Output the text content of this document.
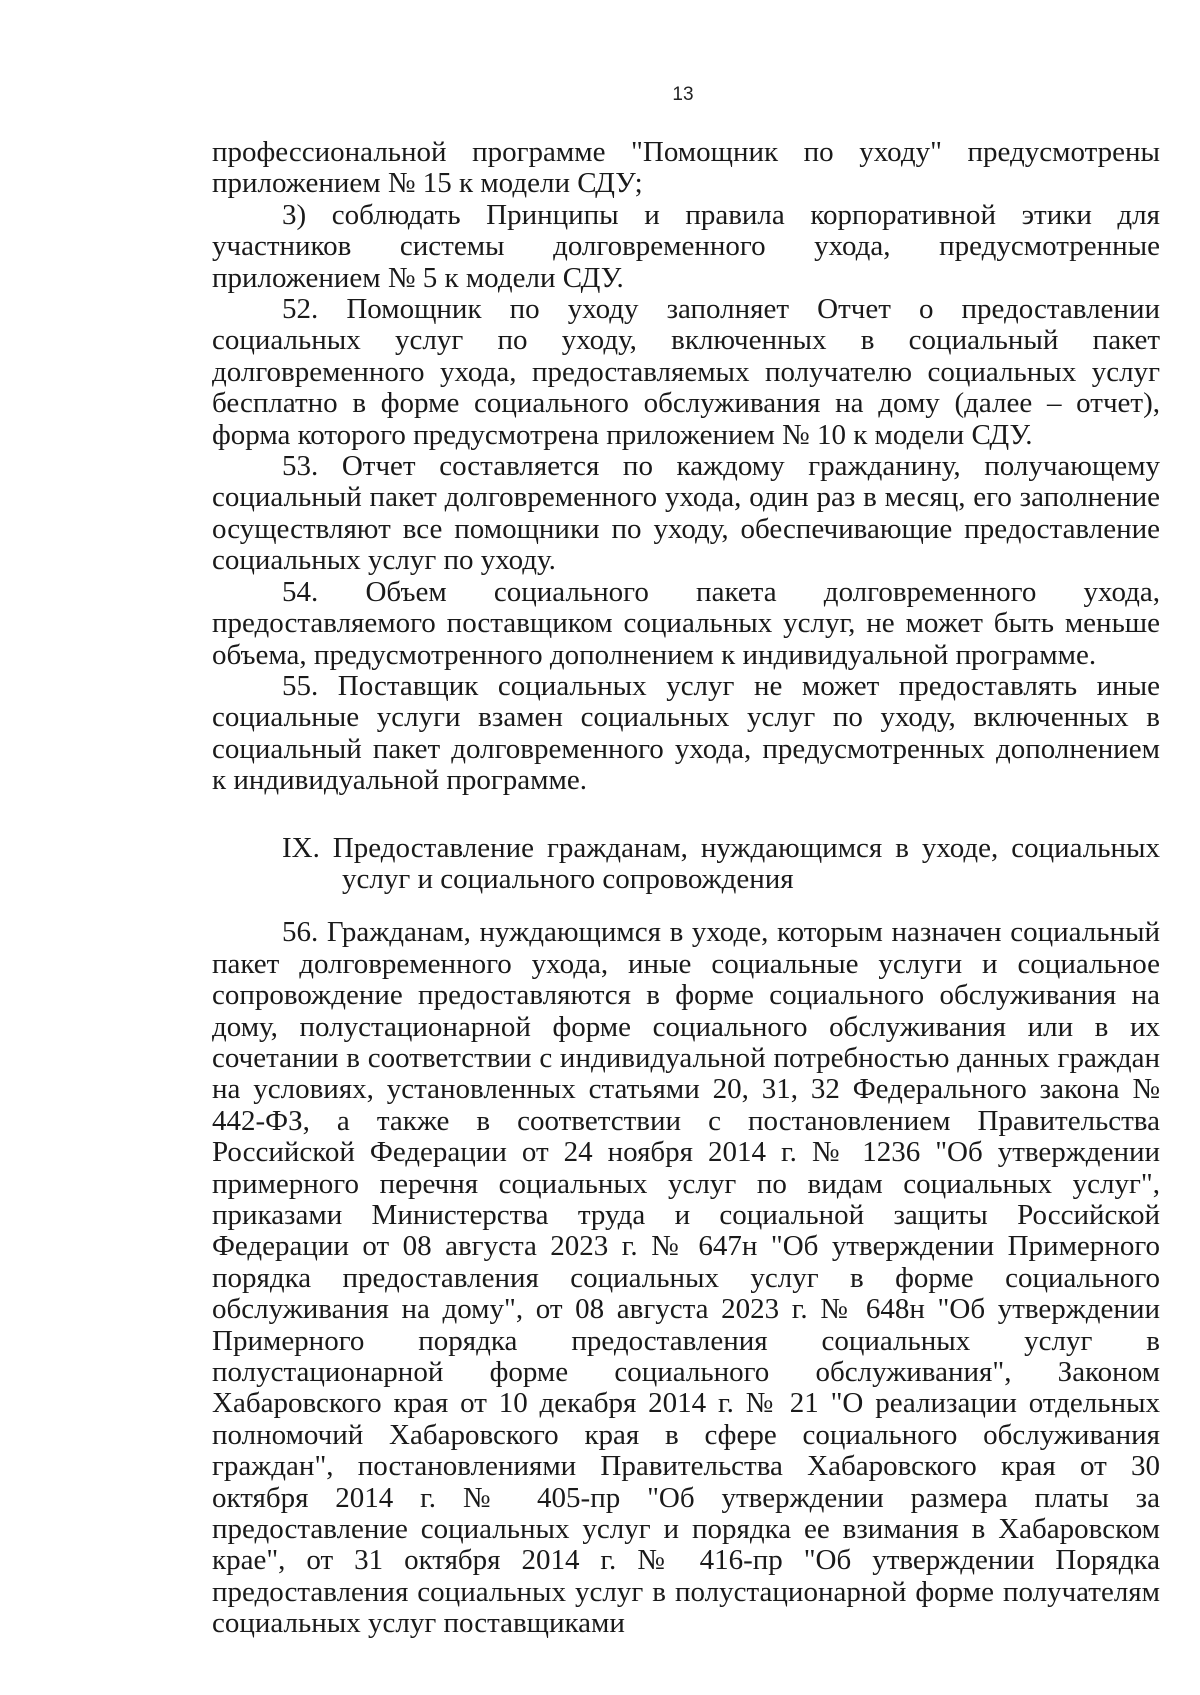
13

профессиональной программе "Помощник по уходу" предусмотрены приложением № 15 к модели СДУ;

3) соблюдать Принципы и правила корпоративной этики для участников системы долговременного ухода, предусмотренные приложением № 5 к модели СДУ.

52. Помощник по уходу заполняет Отчет о предоставлении социальных услуг по уходу, включенных в социальный пакет долговременного ухода, предоставляемых получателю социальных услуг бесплатно в форме социального обслуживания на дому (далее – отчет), форма которого предусмотрена приложением № 10 к модели СДУ.

53. Отчет составляется по каждому гражданину, получающему социальный пакет долговременного ухода, один раз в месяц, его заполнение осуществляют все помощники по уходу, обеспечивающие предоставление социальных услуг по уходу.

54. Объем социального пакета долговременного ухода, предоставляемого поставщиком социальных услуг, не может быть меньше объема, предусмотренного дополнением к индивидуальной программе.

55. Поставщик социальных услуг не может предоставлять иные социальные услуги взамен социальных услуг по уходу, включенных в социальный пакет долговременного ухода, предусмотренных дополнением к индивидуальной программе.

IX. Предоставление гражданам, нуждающимся в уходе, социальных
услуг и социального сопровождения

56. Гражданам, нуждающимся в уходе, которым назначен социальный пакет долговременного ухода, иные социальные услуги и социальное сопровождение предоставляются в форме социального обслуживания на дому, полустационарной форме социального обслуживания или в их сочетании в соответствии с индивидуальной потребностью данных граждан на условиях, установленных статьями 20, 31, 32 Федерального закона № 442-ФЗ, а также в соответствии с постановлением Правительства Российской Федерации от 24 ноября 2014 г. № 1236 "Об утверждении примерного перечня социальных услуг по видам социальных услуг", приказами Министерства труда и социальной защиты Российской Федерации от 08 августа 2023 г. № 647н "Об утверждении Примерного порядка предоставления социальных услуг в форме социального обслуживания на дому", от 08 августа 2023 г. № 648н "Об утверждении Примерного порядка предоставления социальных услуг в полустационарной форме социального обслуживания", Законом Хабаровского края от 10 декабря 2014 г. № 21 "О реализации отдельных полномочий Хабаровского края в сфере социального обслуживания граждан", постановлениями Правительства Хабаровского края от 30 октября 2014 г. № 405-пр "Об утверждении размера платы за предоставление социальных услуг и порядка ее взимания в Хабаровском крае", от 31 октября 2014 г. № 416-пр "Об утверждении Порядка предоставления социальных услуг в полустационарной форме получателям социальных услуг поставщиками
